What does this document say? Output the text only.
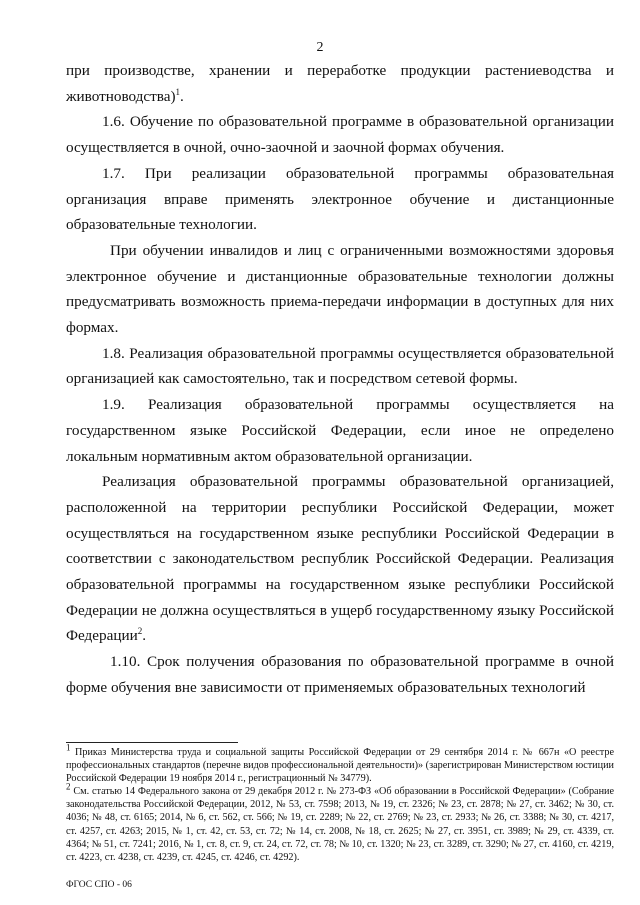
2

при производстве, хранении и переработке продукции растениеводства и животноводства)$^1$.

1.6. Обучение по образовательной программе в образовательной организации осуществляется в очной, очно-заочной и заочной формах обучения.

1.7. При реализации образовательной программы образовательная организация вправе применять электронное обучение и дистанционные образовательные технологии.

При обучении инвалидов и лиц с ограниченными возможностями здоровья электронное обучение и дистанционные образовательные технологии должны предусматривать возможность приема-передачи информации в доступных для них формах.

1.8. Реализация образовательной программы осуществляется образовательной организацией как самостоятельно, так и посредством сетевой формы.

1.9. Реализация образовательной программы осуществляется на государственном языке Российской Федерации, если иное не определено локальным нормативным актом образовательной организации.

Реализация образовательной программы образовательной организацией, расположенной на территории республики Российской Федерации, может осуществляться на государственном языке республики Российской Федерации в соответствии с законодательством республик Российской Федерации. Реализация образовательной программы на государственном языке республики Российской Федерации не должна осуществляться в ущерб государственному языку Российской Федерации$^2$.

1.10. Срок получения образования по образовательной программе в очной форме обучения вне зависимости от применяемых образовательных технологий

$^1$ Приказ Министерства труда и социальной защиты Российской Федерации от 29 сентября 2014 г. № 667н «О реестре профессиональных стандартов (перечне видов профессиональной деятельности)» (зарегистрирован Министерством юстиции Российской Федерации 19 ноября 2014 г., регистрационный № 34779).

$^2$ См. статью 14 Федерального закона от 29 декабря 2012 г. № 273-ФЗ «Об образовании в Российской Федерации» (Собрание законодательства Российской Федерации, 2012, № 53, ст. 7598; 2013, № 19, ст. 2326; № 23, ст. 2878; № 27, ст. 3462; № 30, ст. 4036; № 48, ст. 6165; 2014, № 6, ст. 562, ст. 566; № 19, ст. 2289; № 22, ст. 2769; № 23, ст. 2933; № 26, ст. 3388; № 30, ст. 4217, ст. 4257, ст. 4263; 2015, № 1, ст. 42, ст. 53, ст. 72; № 14, ст. 2008, № 18, ст. 2625; № 27, ст. 3951, ст. 3989; № 29, ст. 4339, ст. 4364; № 51, ст. 7241; 2016, № 1, ст. 8, ст. 9, ст. 24, ст. 72, ст. 78; № 10, ст. 1320; № 23, ст. 3289, ст. 3290; № 27, ст. 4160, ст. 4219, ст. 4223, ст. 4238, ст. 4239, ст. 4245, ст. 4246, ст. 4292).

ФГОС СПО - 06
